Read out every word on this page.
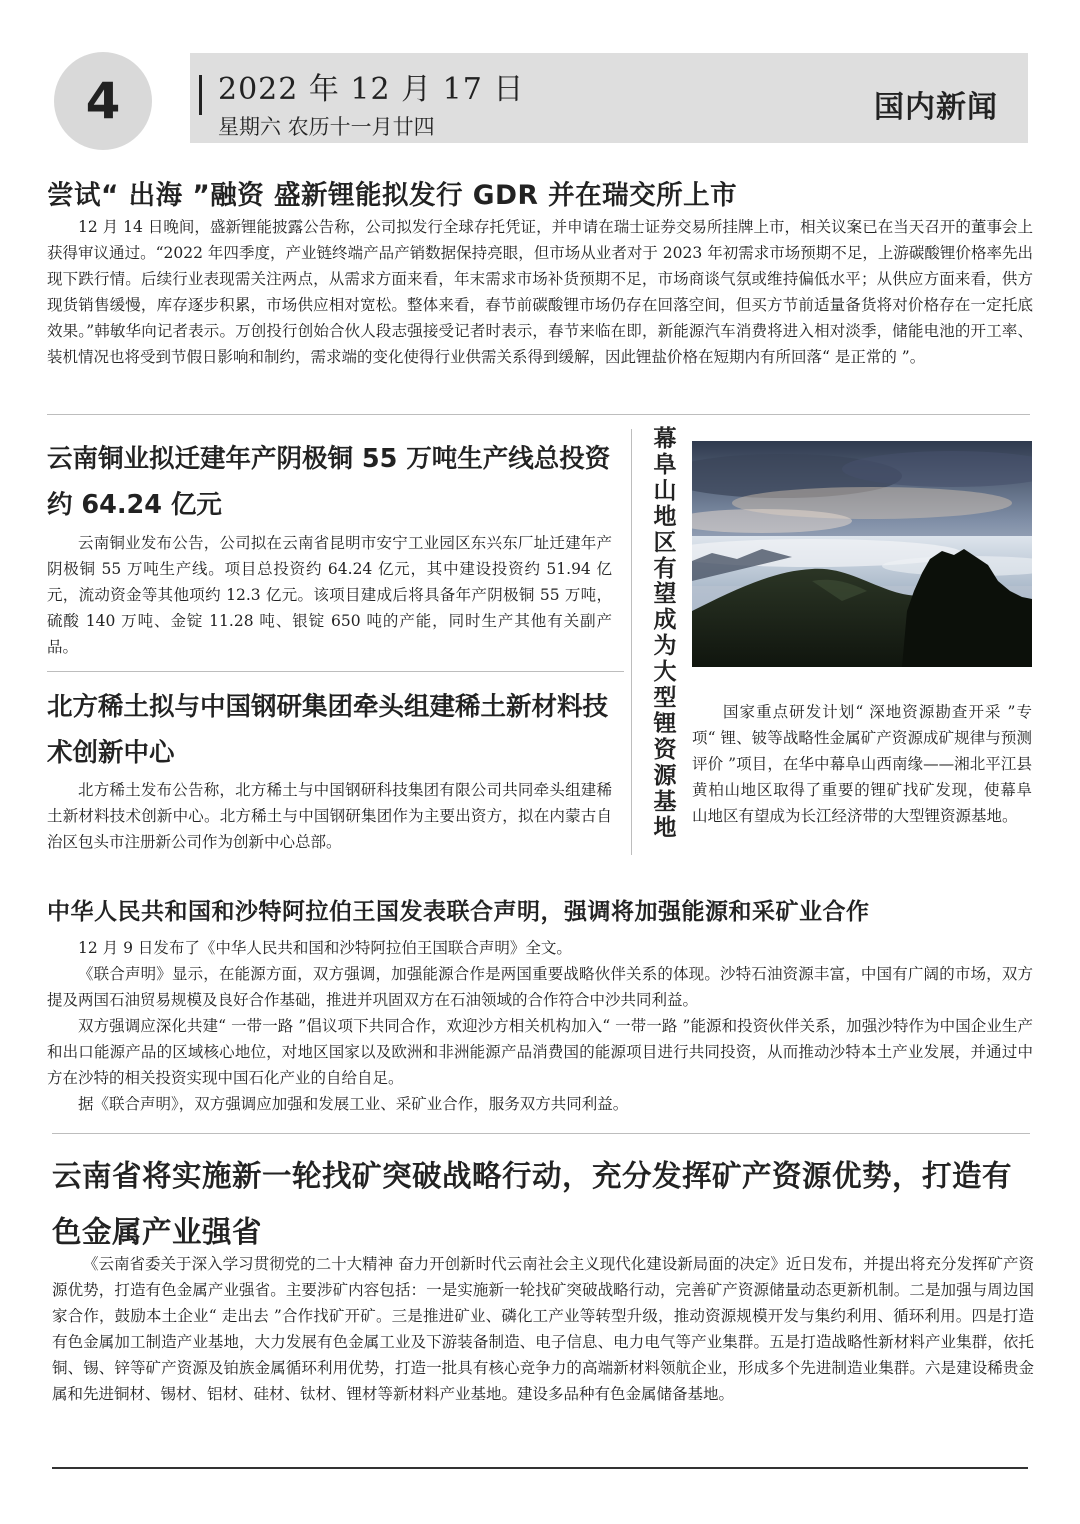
4	2022 年 12 月 17 日
星期六 农历十一月廿四
国内新闻
尝试“ 出海 ”融资 盛新锂能拟发行 GDR 并在瑞交所上市

12 月 14 日晚间，盛新锂能披露公告称，公司拟发行全球存托凭证，并申请在瑞士证券交易所挂牌上市，相关议案已在当天召开的董事会上获得审议通过。“2022 年四季度，产业链终端产品产销数据保持亮眼，但市场从业者对于 2023 年初需求市场预期不足，上游碳酸锂价格率先出现下跌行情。后续行业表现需关注两点，从需求方面来看，年末需求市场补货预期不足，市场商谈气氛或维持偏低水平；从供应方面来看，供方现货销售缓慢，库存逐步积累，市场供应相对宽松。整体来看，春节前碳酸锂市场仍存在回落空间，但买方节前适量备货将对价格存在一定托底效果。”韩敏华向记者表示。万创投行创始合伙人段志强接受记者时表示，春节来临在即，新能源汽车消费将进入相对淡季，储能电池的开工率、装机情况也将受到节假日影响和制约，需求端的变化使得行业供需关系得到缓解，因此锂盐价格在短期内有所回落“ 是正常的 ”。

云南铜业拟迁建年产阴极铜 55 万吨生产线总投资约 64.24 亿元

云南铜业发布公告，公司拟在云南省昆明市安宁工业园区东兴东厂址迁建年产阴极铜 55 万吨生产线。项目总投资约 64.24 亿元，其中建设投资约 51.94 亿元，流动资金等其他项约 12.3 亿元。该项目建成后将具备年产阴极铜 55 万吨，硫酸 140 万吨、金锭 11.28 吨、银锭 650 吨的产能，同时生产其他有关副产品。

北方稀土拟与中国钢研集团牵头组建稀土新材料技术创新中心

北方稀土发布公告称，北方稀土与中国钢研科技集团有限公司共同牵头组建稀土新材料技术创新中心。北方稀土与中国钢研集团作为主要出资方，拟在内蒙古自治区包头市注册新公司作为创新中心总部。

幕阜山地区有望成为大型锂资源基地

国家重点研发计划“ 深地资源勘查开采 ”专项“ 锂、铍等战略性金属矿产资源成矿规律与预测评价 ”项目，在华中幕阜山西南缘——湘北平江县黄柏山地区取得了重要的锂矿找矿发现，使幕阜山地区有望成为长江经济带的大型锂资源基地。

中华人民共和国和沙特阿拉伯王国发表联合声明，强调将加强能源和采矿业合作

12 月 9 日发布了《中华人民共和国和沙特阿拉伯王国联合声明》全文。

《联合声明》显示，在能源方面，双方强调，加强能源合作是两国重要战略伙伴关系的体现。沙特石油资源丰富，中国有广阔的市场，双方提及两国石油贸易规模及良好合作基础，推进并巩固双方在石油领域的合作符合中沙共同利益。

双方强调应深化共建“ 一带一路 ”倡议项下共同合作，欢迎沙方相关机构加入“ 一带一路 ”能源和投资伙伴关系，加强沙特作为中国企业生产和出口能源产品的区域核心地位，对地区国家以及欧洲和非洲能源产品消费国的能源项目进行共同投资，从而推动沙特本土产业发展，并通过中方在沙特的相关投资实现中国石化产业的自给自足。

据《联合声明》，双方强调应加强和发展工业、采矿业合作，服务双方共同利益。

云南省将实施新一轮找矿突破战略行动，充分发挥矿产资源优势，打造有色金属产业强省

《云南省委关于深入学习贯彻党的二十大精神 奋力开创新时代云南社会主义现代化建设新局面的决定》近日发布，并提出将充分发挥矿产资源优势，打造有色金属产业强省。主要涉矿内容包括：一是实施新一轮找矿突破战略行动，完善矿产资源储量动态更新机制。二是加强与周边国家合作，鼓励本土企业“ 走出去 ”合作找矿开矿。三是推进矿业、磷化工产业等转型升级，推动资源规模开发与集约利用、循环利用。四是打造有色金属加工制造产业基地，大力发展有色金属工业及下游装备制造、电子信息、电力电气等产业集群。五是打造战略性新材料产业集群，依托铜、锡、锌等矿产资源及铂族金属循环利用优势，打造一批具有核心竞争力的高端新材料领航企业，形成多个先进制造业集群。六是建设稀贵金属和先进铜材、锡材、铝材、硅材、钛材、锂材等新材料产业基地。建设多品种有色金属储备基地。
